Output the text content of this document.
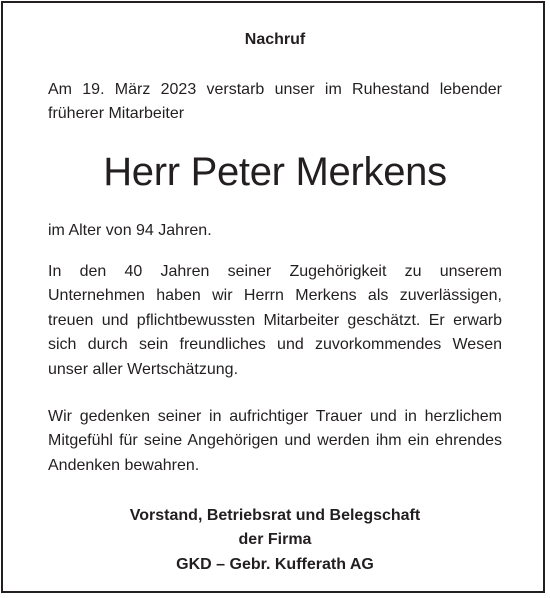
Nachruf
Am 19. März 2023 verstarb unser im Ruhestand lebender früherer Mitarbeiter
Herr Peter Merkens
im Alter von 94 Jahren.
In den 40 Jahren seiner Zugehörigkeit zu unserem Unternehmen haben wir Herrn Merkens als zuverlässigen, treuen und pflichtbewussten Mitarbeiter geschätzt. Er erwarb sich durch sein freundliches und zuvorkommendes Wesen unser aller Wertschätzung.
Wir gedenken seiner in aufrichtiger Trauer und in herzlichem Mitgefühl für seine Angehörigen und werden ihm ein ehrendes Andenken bewahren.
Vorstand, Betriebsrat und Belegschaft
der Firma
GKD – Gebr. Kufferath AG
